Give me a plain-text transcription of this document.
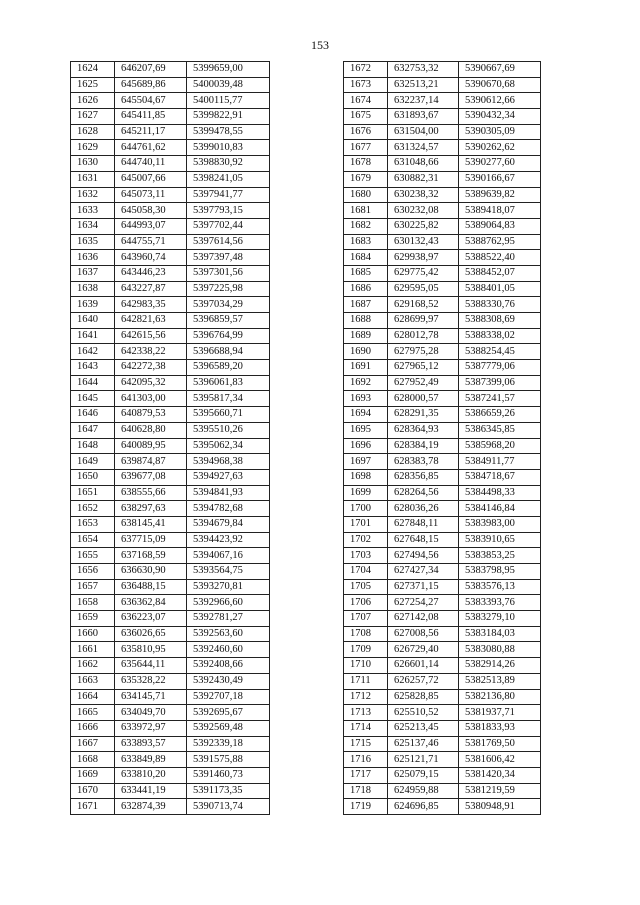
153
1624	646207,69	5399659,00
1625	645689,86	5400039,48
1626	645504,67	5400115,77
1627	645411,85	5399822,91
1628	645211,17	5399478,55
1629	644761,62	5399010,83
1630	644740,11	5398830,92
1631	645007,66	5398241,05
1632	645073,11	5397941,77
1633	645058,30	5397793,15
1634	644993,07	5397702,44
1635	644755,71	5397614,56
1636	643960,74	5397397,48
1637	643446,23	5397301,56
1638	643227,87	5397225,98
1639	642983,35	5397034,29
1640	642821,63	5396859,57
1641	642615,56	5396764,99
1642	642338,22	5396688,94
1643	642272,38	5396589,20
1644	642095,32	5396061,83
1645	641303,00	5395817,34
1646	640879,53	5395660,71
1647	640628,80	5395510,26
1648	640089,95	5395062,34
1649	639874,87	5394968,38
1650	639677,08	5394927,63
1651	638555,66	5394841,93
1652	638297,63	5394782,68
1653	638145,41	5394679,84
1654	637715,09	5394423,92
1655	637168,59	5394067,16
1656	636630,90	5393564,75
1657	636488,15	5393270,81
1658	636362,84	5392966,60
1659	636223,07	5392781,27
1660	636026,65	5392563,60
1661	635810,95	5392460,60
1662	635644,11	5392408,66
1663	635328,22	5392430,49
1664	634145,71	5392707,18
1665	634049,70	5392695,67
1666	633972,97	5392569,48
1667	633893,57	5392339,18
1668	633849,89	5391575,88
1669	633810,20	5391460,73
1670	633441,19	5391173,35
1671	632874,39	5390713,74
1672	632753,32	5390667,69
1673	632513,21	5390670,68
1674	632237,14	5390612,66
1675	631893,67	5390432,34
1676	631504,00	5390305,09
1677	631324,57	5390262,62
1678	631048,66	5390277,60
1679	630882,31	5390166,67
1680	630238,32	5389639,82
1681	630232,08	5389418,07
1682	630225,82	5389064,83
1683	630132,43	5388762,95
1684	629938,97	5388522,40
1685	629775,42	5388452,07
1686	629595,05	5388401,05
1687	629168,52	5388330,76
1688	628699,97	5388308,69
1689	628012,78	5388338,02
1690	627975,28	5388254,45
1691	627965,12	5387779,06
1692	627952,49	5387399,06
1693	628000,57	5387241,57
1694	628291,35	5386659,26
1695	628364,93	5386345,85
1696	628384,19	5385968,20
1697	628383,78	5384911,77
1698	628356,85	5384718,67
1699	628264,56	5384498,33
1700	628036,26	5384146,84
1701	627848,11	5383983,00
1702	627648,15	5383910,65
1703	627494,56	5383853,25
1704	627427,34	5383798,95
1705	627371,15	5383576,13
1706	627254,27	5383393,76
1707	627142,08	5383279,10
1708	627008,56	5383184,03
1709	626729,40	5383080,88
1710	626601,14	5382914,26
1711	626257,72	5382513,89
1712	625828,85	5382136,80
1713	625510,52	5381937,71
1714	625213,45	5381833,93
1715	625137,46	5381769,50
1716	625121,71	5381606,42
1717	625079,15	5381420,34
1718	624959,88	5381219,59
1719	624696,85	5380948,91
